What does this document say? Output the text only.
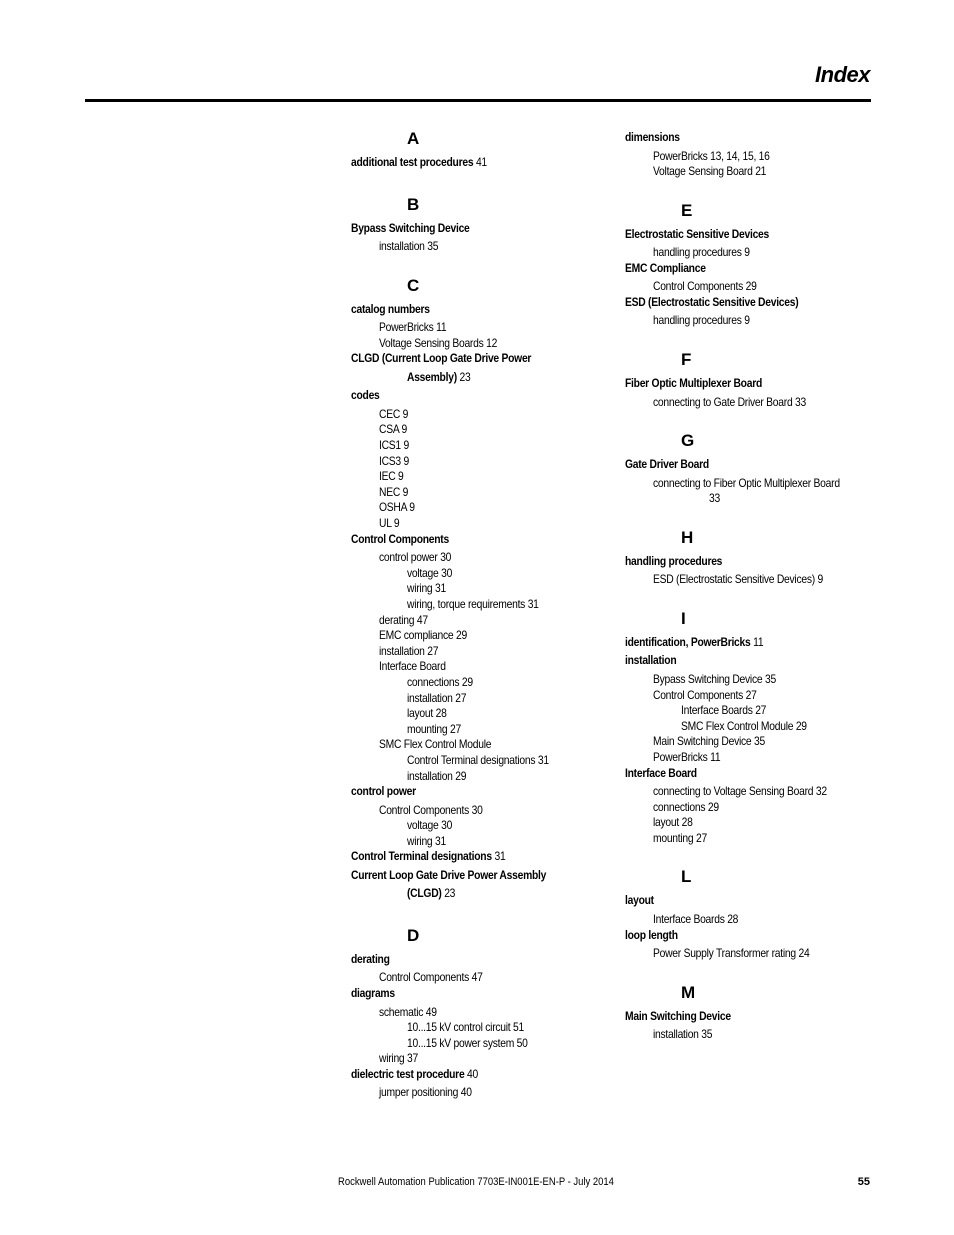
Index
A
additional test procedures 41
B
Bypass Switching Device
installation 35
C
catalog numbers
PowerBricks 11
Voltage Sensing Boards 12
CLGD (Current Loop Gate Drive Power
Assembly) 23
codes
CEC 9
CSA 9
ICS1 9
ICS3 9
IEC 9
NEC 9
OSHA 9
UL 9
Control Components
control power 30
voltage 30
wiring 31
wiring, torque requirements 31
derating 47
EMC compliance 29
installation 27
Interface Board
connections 29
installation 27
layout 28
mounting 27
SMC Flex Control Module
Control Terminal designations 31
installation 29
control power
Control Components 30
voltage 30
wiring 31
Control Terminal designations 31
Current Loop Gate Drive Power Assembly
(CLGD) 23
D
derating
Control Components 47
diagrams
schematic 49
10...15 kV control circuit 51
10...15 kV power system 50
wiring 37
dielectric test procedure 40
jumper positioning 40
dimensions
PowerBricks 13, 14, 15, 16
Voltage Sensing Board 21
E
Electrostatic Sensitive Devices
handling procedures 9
EMC Compliance
Control Components 29
ESD (Electrostatic Sensitive Devices)
handling procedures 9
F
Fiber Optic Multiplexer Board
connecting to Gate Driver Board 33
G
Gate Driver Board
connecting to Fiber Optic Multiplexer Board
33
H
handling procedures
ESD (Electrostatic Sensitive Devices) 9
I
identification, PowerBricks 11
installation
Bypass Switching Device 35
Control Components 27
Interface Boards 27
SMC Flex Control Module 29
Main Switching Device 35
PowerBricks 11
Interface Board
connecting to Voltage Sensing Board 32
connections 29
layout 28
mounting 27
L
layout
Interface Boards 28
loop length
Power Supply Transformer rating 24
M
Main Switching Device
installation 35
Rockwell Automation Publication 7703E-IN001E-EN-P - July 2014	55
